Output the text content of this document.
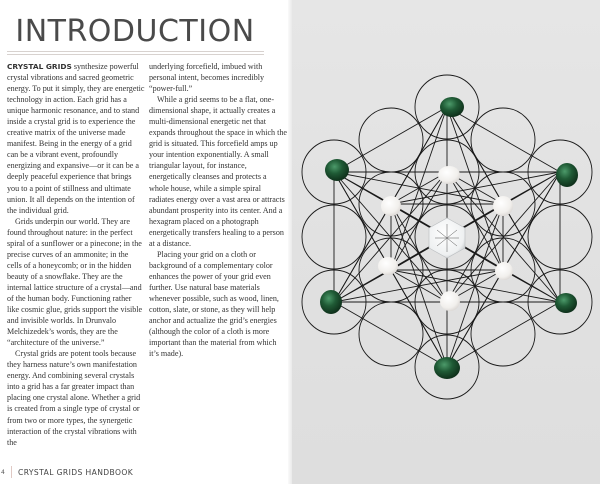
INTRODUCTION

CRYSTAL GRIDS synthesize powerful crystal vibrations and sacred geometric energy. To put it simply, they are energetic technology in action. Each grid has a unique harmonic resonance, and to stand inside a crystal grid is to experience the creative matrix of the universe made manifest. Being in the energy of a grid can be a vibrant event, profoundly energizing and expansive—or it can be a deeply peaceful experience that brings you to a point of stillness and ultimate union. It all depends on the intention of the individual grid.

Grids underpin our world. They are found throughout nature: in the perfect spiral of a sunflower or a pinecone; in the precise curves of an ammonite; in the cells of a honeycomb; or in the hidden beauty of a snowflake. They are the internal lattice structure of a crystal—and of the human body. Functioning rather like cosmic glue, grids support the visible and invisible worlds. In Drunvalo Melchizedek’s words, they are the “architecture of the universe.”

Crystal grids are potent tools because they harness nature’s own manifestation energy. And combining several crystals into a grid has a far greater impact than placing one crystal alone. Whether a grid is created from a single type of crystal or from two or more types, the synergetic interaction of the crystal vibrations with the

underlying forcefield, imbued with personal intent, becomes incredibly “power-full.”

While a grid seems to be a flat, one-dimensional shape, it actually creates a multi-dimensional energetic net that expands throughout the space in which the grid is situated. This forcefield amps up your intention exponentially. A small triangular layout, for instance, energetically cleanses and protects a whole house, while a simple spiral radiates energy over a vast area or attracts abundant prosperity into its center. And a hexagram placed on a photograph energetically transfers healing to a person at a distance.

Placing your grid on a cloth or background of a complementary color enhances the power of your grid even further. Use natural base materials whenever possible, such as wood, linen, cotton, slate, or stone, as they will help anchor and actualize the grid’s energies (although the color of a cloth is more important than the material from which it’s made).

4 CRYSTAL GRIDS HANDBOOK
